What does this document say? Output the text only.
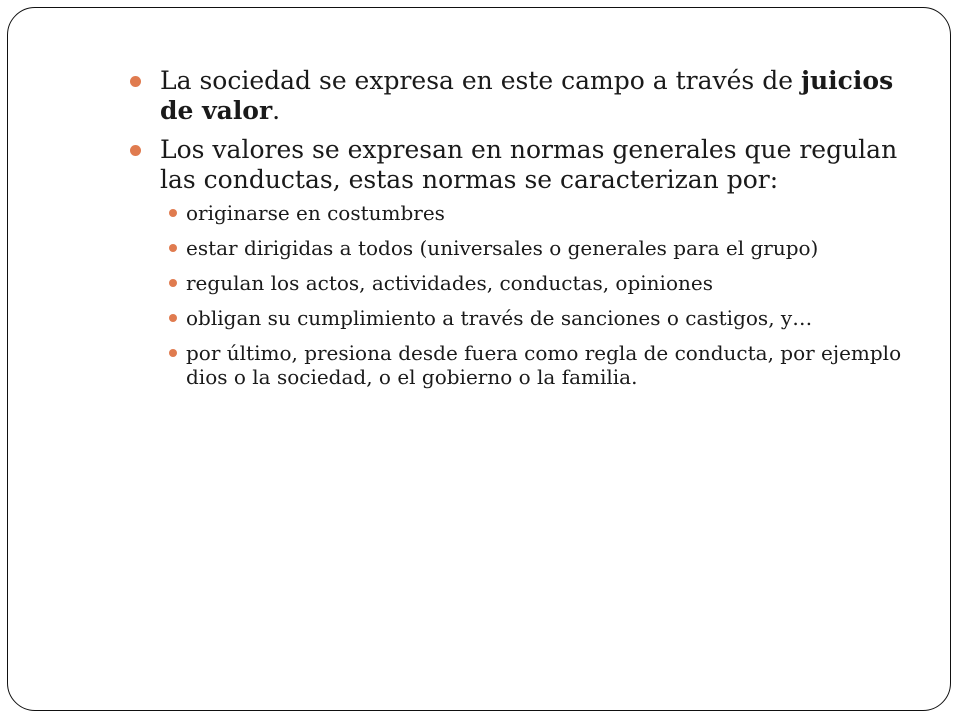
La sociedad se expresa en este campo a través de juicios de valor.
Los valores se expresan en normas generales que regulan las conductas, estas normas se caracterizan por:
originarse en costumbres
estar dirigidas a todos (universales o generales para el grupo)
regulan los actos, actividades, conductas, opiniones
obligan su cumplimiento a través de sanciones o castigos, y…
por último, presiona desde fuera como regla de conducta, por ejemplo dios o la sociedad, o el gobierno o la familia.
